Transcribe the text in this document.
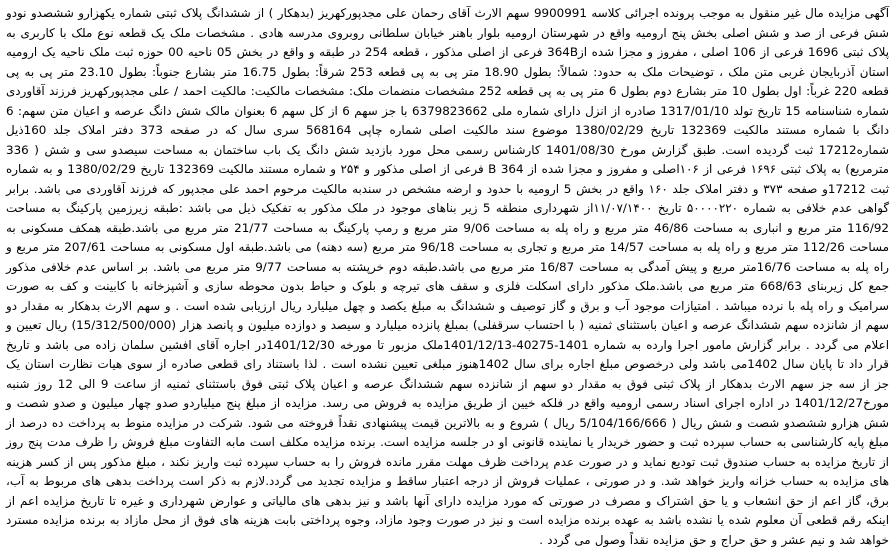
آگهی مزایده مال غیر منقول به موجب پرونده اجرائی کلاسه 9900991 سهم الارث آقای رحمان علی مجدپورکهریز (بدهکار ) از ششدانگ پلاک ثبتی شماره یکهزارو ششصدو نودو شش فرعی از صد و شش اصلی بخش پنج ارومیه واقع در شهرستان ارومیه بلوار باهنر خیابان سلطانی روبروی مدرسه هادی . مشخصات ملک یک قطعه نوع ملک با کاربری به پلاک ثبتی 1696 فرعی از 106 اصلی ، مفروز و مجزا شده از364B فرعی از اصلی مذکور ، قطعه 254 در طبقه و واقع در بخش 05 ناحیه 00 حوزه ثبت ملک ناحیه یک ارومیه استان آذربایجان غربی متن ملک ، توضیحات ملک به حدود: شمالاً: بطول 18.90 متر پی به پی قطعه 253 شرقاً: بطول 16.75 متر بشارع جنوباً: بطول 23.10 متر پی به پی قطعه 220 غرباً: اول بطول 10 متر بشارع دوم بطول 6 متر پی به پی قطعه 252 مشخصات منضمات ملک: مشخصات مالکیت: مالکیت احمد / علی مجدپورکهریز فرزند آقاوردی شماره شناسنامه 15 تاریخ تولد 1317/01/10 صادره از انزل دارای شماره ملی 6379823662 با جز سهم 6 از کل سهم 6 بعنوان مالک شش دانگ عرصه و اعیان متن سهم: 6 دانگ با شماره مستند مالکیت 132369 تاریخ 1380/02/29 موضوع سند مالکیت اصلی شماره چاپی 568164 سری سال که در صفحه 373 دفتر املاک جلد 160ذیل شماره17212 ثبت گردیده است. طبق گزارش مورخ 1401/08/30 کارشناس رسمی محل مورد بازدید شش دانگ یک باب ساختمان به مساحت سیصدو سی و شش ( 336 مترمربع) به پلاک ثبتی ۱۶۹۶ فرعی از ۱۰۶اصلی و مفروز و مجزا شده از 364 B فرعی از اصلی مذکور و ۲۵۴ و شماره مستند مالکیت 132369 تاریخ 1380/02/29 و به شماره ثبت 17212و صفحه ۳۷۳ و دفتر املاک جلد ۱۶۰ واقع در بخش 5 ارومیه با حدود و ارضه مشخص در سندبه مالکیت مرحوم احمد علی مجدپور که فرزند آقاوردی می باشد. برابر گواهی عدم خلافی به شماره ۵۰۰۰۰۲۲۰ تاریخ ۱۱/۰۷/۱۴۰۰از شهرداری منطقه 5 زیر بناهای موجود در ملک مذکور به تفکیک ذیل می باشد :طبقه زیرزمین پارکینگ به مساحت 116/92 متر مربع و انباری به مساحت 46/86 متر مربع و راه پله به مساحت 9/06 متر مربع و رمپ پارکینگ به مساحت 21/77 متر مربع می باشد.طبقه همکف مسکونی به مساحت 112/26 متر مربع و راه پله به مساحت 14/57 متر مربع و تجاری به مساحت 96/18 متر مربع (سه دهنه) می باشد.طبقه اول مسکونی به مساحت 207/61 متر مربع و راه پله به مساحت 16/76متر مربع و پیش آمدگی به مساحت 16/87 متر مربع می باشد.طبقه دوم خرپشته به مساحت 9/77 متر مربع می باشد. بر اساس عدم خلافی مذکور جمع کل زیربنای 668/63 متر مربع می باشد.ملک مذکور دارای اسکلت فلزی و سقف های تیرچه و بلوک و حیاط بدون محوطه سازی و آشپزخانه با کابینت و کف به صورت سرامیک و راه پله با نرده میباشد . امتیازات موجود آب و برق و گاز توصیف و ششدانگ به مبلغ یکصد و چهل میلیارد ریال ارزیابی شده است . و سهم الارث بدهکار به مقدار دو سهم از شانزده سهم ششدانگ عرصه و اعیان باستثنای ثمنیه ( با احتساب سرقفلی) بمبلغ پانزده میلیارد و سیصد و دوازده میلیون و پانصد هزار (15/312/500/000) ریال تعیین و اعلام می گردد . برابر گزارش مامور اجرا وارده به شماره 1401-40275-1401/12/13ملک مزبور تا مورخه 1401/12/30در اجاره آقای افشین سلمان زاده می باشد و تاریخ قرار داد تا پایان سال 1402می باشد ولی درخصوص مبلغ اجاره برای سال 1402هنوز مبلغی تعیین نشده است . لذا باستناد رای قطعی صادره از سوی هیات نظارت استان یک جز از سه جز سهم الارث بدهکار از پلاک ثبتی فوق به مقدار دو سهم از شانزده سهم ششدانگ عرصه و اعیان پلاک ثبتی فوق باستثنای ثمنیه از ساعت 9 الی 12 روز شنبه مورخ1401/12/27 در اداره اجرای اسناد رسمی ارومیه واقع در فلکه خیین از طریق مزایده به فروش می رسد. مزایده از مبلغ پنج میلیاردو صدو چهار میلیون و صدو شصت و شش هزارو ششصدو شصت و شش ریال ( 5/104/166/666 ریال ) شروع و به بالاترین قیمت پیشنهادی نقداً فروخته می شود. شرکت در مزایده منوط به پرداخت ده درصد از مبلغ پایه کارشناسی به حساب سپرده ثبت و حضور خریدار یا نماینده قانونی او در جلسه مزایده است. برنده مزایده مکلف است مابه التفاوت مبلغ فروش را ظرف مدت پنج روز از تاریخ مزایده به حساب صندوق ثبت تودیع نماید و در صورت عدم پرداخت ظرف مهلت مقرر مانده فروش را به حساب سپرده ثبت واریز نکند ، مبلغ مذکور پس از کسر هزینه های مزایده به حساب خزانه واریز خواهد شد. و در صورتی ، عملیات فروش از درجه اعتبار ساقط و مزایده تجدید می گردد.لازم به ذکر است پرداخت بدهی های مربوط به آب، برق، گاز اعم از حق انشعاب و یا حق اشتراک و مصرف در صورتی که مورد مزایده دارای آنها باشد و نیز بدهی های مالیاتی و عوارض شهرداری و غیره تا تاریخ مزایده اعم از اینکه رقم قطعی آن معلوم شده یا نشده باشد به عهده برنده مزایده است و نیز در صورت وجود مازاد، وجوه پرداختی بابت هزینه های فوق از محل مازاد به برنده مزایده مسترد خواهد شد و نیم عشر و حق حراج و حق مزایده نقداً وصول می گردد .
